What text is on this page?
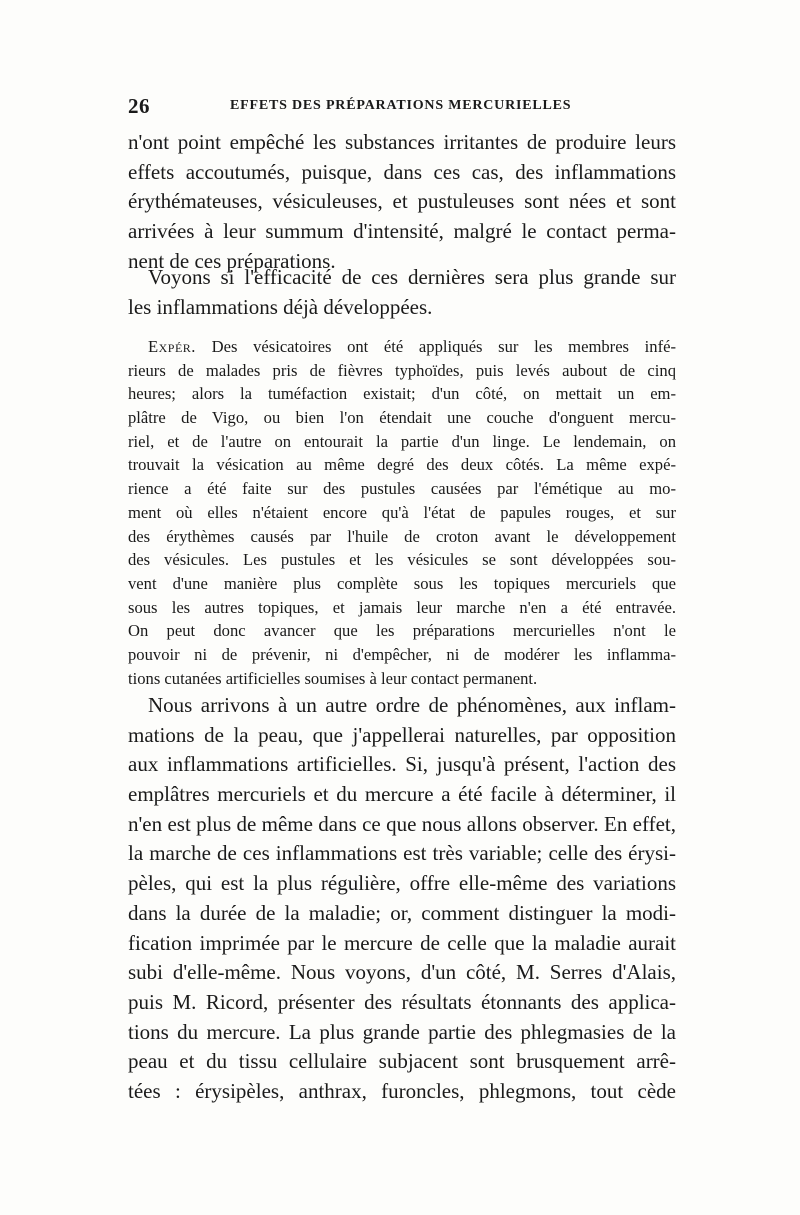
26	EFFETS DES PRÉPARATIONS MERCURIELLES
n'ont point empêché les substances irritantes de produire leurs
effets accoutumés, puisque, dans ces cas, des inflammations
érythémateuses, vésiculeuses, et pustuleuses sont nées et sont
arrivées à leur summum d'intensité, malgré le contact perma-
nent de ces préparations.
Voyons si l'efficacité de ces dernières sera plus grande sur
les inflammations déjà développées.
Expér. Des vésicatoires ont été appliqués sur les membres infé-
rieurs de malades pris de fièvres typhoïdes, puis levés aubout de cinq
heures; alors la tuméfaction existait; d'un côté, on mettait un em-
plâtre de Vigo, ou bien l'on étendait une couche d'onguent mercu-
riel, et de l'autre on entourait la partie d'un linge. Le lendemain, on
trouvait la vésication au même degré des deux côtés. La même expé-
rience a été faite sur des pustules causées par l'émétique au mo-
ment où elles n'étaient encore qu'à l'état de papules rouges, et sur
des érythèmes causés par l'huile de croton avant le développement
des vésicules. Les pustules et les vésicules se sont développées sou-
vent d'une manière plus complète sous les topiques mercuriels que
sous les autres topiques, et jamais leur marche n'en a été entravée.
On peut donc avancer que les préparations mercurielles n'ont le
pouvoir ni de prévenir, ni d'empêcher, ni de modérer les inflamma-
tions cutanées artificielles soumises à leur contact permanent.
Nous arrivons à un autre ordre de phénomènes, aux inflam-
mations de la peau, que j'appellerai naturelles, par opposition
aux inflammations artificielles. Si, jusqu'à présent, l'action des
emplâtres mercuriels et du mercure a été facile à déterminer, il
n'en est plus de même dans ce que nous allons observer. En effet,
la marche de ces inflammations est très variable; celle des érysi-
pèles, qui est la plus régulière, offre elle-même des variations
dans la durée de la maladie; or, comment distinguer la modi-
fication imprimée par le mercure de celle que la maladie aurait
subi d'elle-même. Nous voyons, d'un côté, M. Serres d'Alais,
puis M. Ricord, présenter des résultats étonnants des applica-
tions du mercure. La plus grande partie des phlegmasies de la
peau et du tissu cellulaire subjacent sont brusquement arrê-
tées : érysipèles, anthrax, furoncles, phlegmons, tout cède
